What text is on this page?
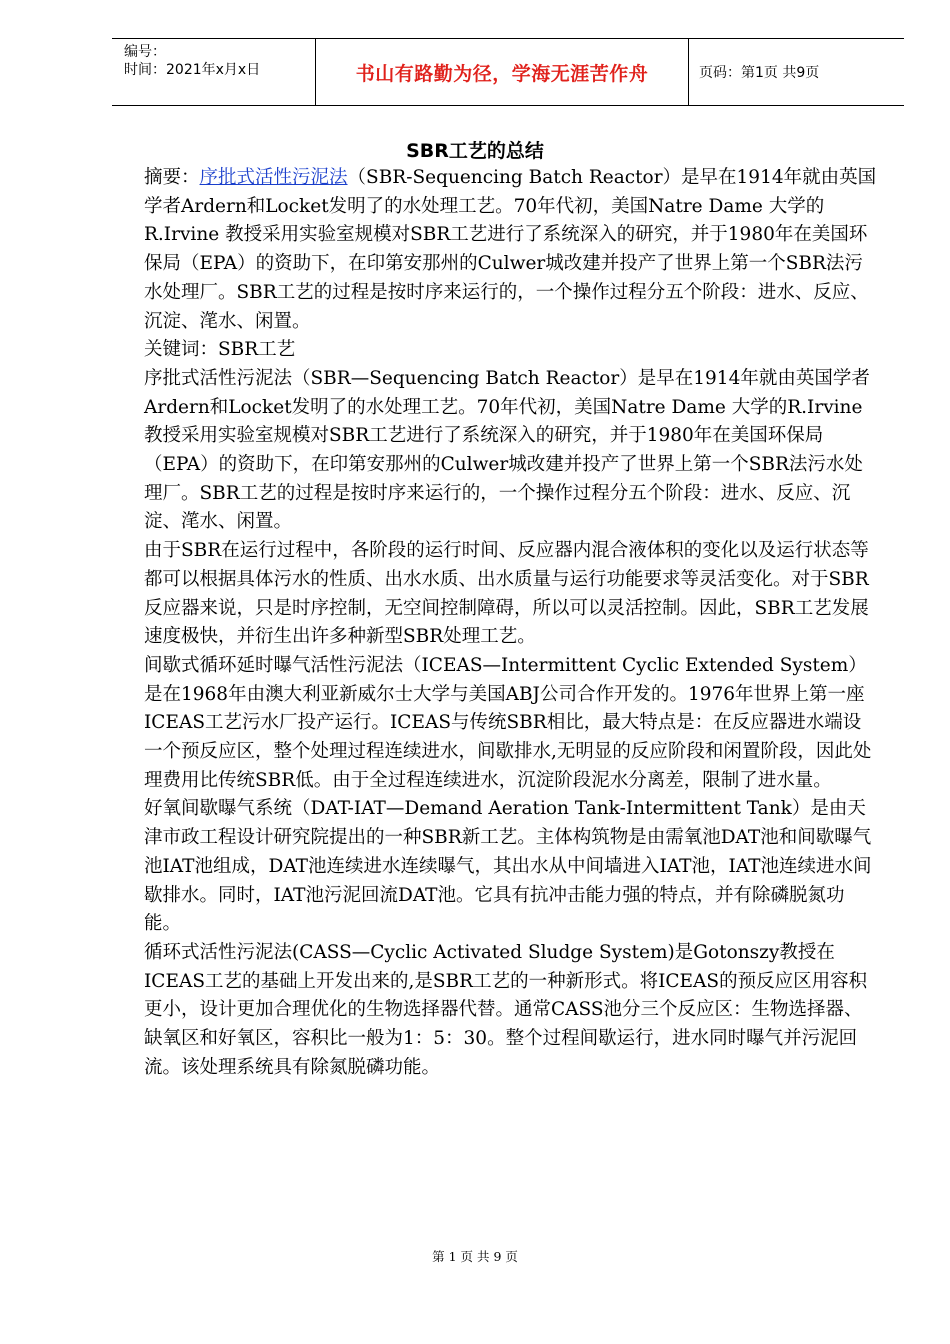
编号：
时间：2021年x月x日	书山有路勤为径，学海无涯苦作舟	页码：第1页 共9页
SBR工艺的总结

摘要：序批式活性污泥法（SBR-Sequencing Batch Reactor）是早在1914年就由英国学者Ardern和Locket发明了的水处理工艺。70年代初，美国Natre Dame 大学的R.Irvine 教授采用实验室规模对SBR工艺进行了系统深入的研究，并于1980年在美国环保局（EPA）的资助下，在印第安那州的Culwer城改建并投产了世界上第一个SBR法污水处理厂。SBR工艺的过程是按时序来运行的，一个操作过程分五个阶段：进水、反应、沉淀、滗水、闲置。

关键词：SBR工艺

序批式活性污泥法（SBR—Sequencing Batch Reactor）是早在1914年就由英国学者Ardern和Locket发明了的水处理工艺。70年代初，美国Natre Dame 大学的R.Irvine 教授采用实验室规模对SBR工艺进行了系统深入的研究，并于1980年在美国环保局（EPA）的资助下，在印第安那州的Culwer城改建并投产了世界上第一个SBR法污水处理厂。SBR工艺的过程是按时序来运行的，一个操作过程分五个阶段：进水、反应、沉淀、滗水、闲置。

由于SBR在运行过程中，各阶段的运行时间、反应器内混合液体积的变化以及运行状态等都可以根据具体污水的性质、出水水质、出水质量与运行功能要求等灵活变化。对于SBR反应器来说，只是时序控制，无空间控制障碍，所以可以灵活控制。因此，SBR工艺发展速度极快，并衍生出许多种新型SBR处理工艺。

间歇式循环延时曝气活性污泥法（ICEAS—Intermittent Cyclic Extended System）是在1968年由澳大利亚新威尔士大学与美国ABJ公司合作开发的。1976年世界上第一座ICEAS工艺污水厂投产运行。ICEAS与传统SBR相比，最大特点是：在反应器进水端设一个预反应区，整个处理过程连续进水，间歇排水,无明显的反应阶段和闲置阶段，因此处理费用比传统SBR低。由于全过程连续进水，沉淀阶段泥水分离差，限制了进水量。

好氧间歇曝气系统（DAT-IAT—Demand Aeration Tank-Intermittent Tank）是由天津市政工程设计研究院提出的一种SBR新工艺。主体构筑物是由需氧池DAT池和间歇曝气池IAT池组成，DAT池连续进水连续曝气，其出水从中间墙进入IAT池，IAT池连续进水间歇排水。同时，IAT池污泥回流DAT池。它具有抗冲击能力强的特点，并有除磷脱氮功能。

循环式活性污泥法(CASS—Cyclic Activated Sludge System)是Gotonszy教授在ICEAS工艺的基础上开发出来的,是SBR工艺的一种新形式。将ICEAS的预反应区用容积更小，设计更加合理优化的生物选择器代替。通常CASS池分三个反应区：生物选择器、缺氧区和好氧区，容积比一般为1：5：30。整个过程间歇运行，进水同时曝气并污泥回流。该处理系统具有除氮脱磷功能。

第 1 页 共 9 页
